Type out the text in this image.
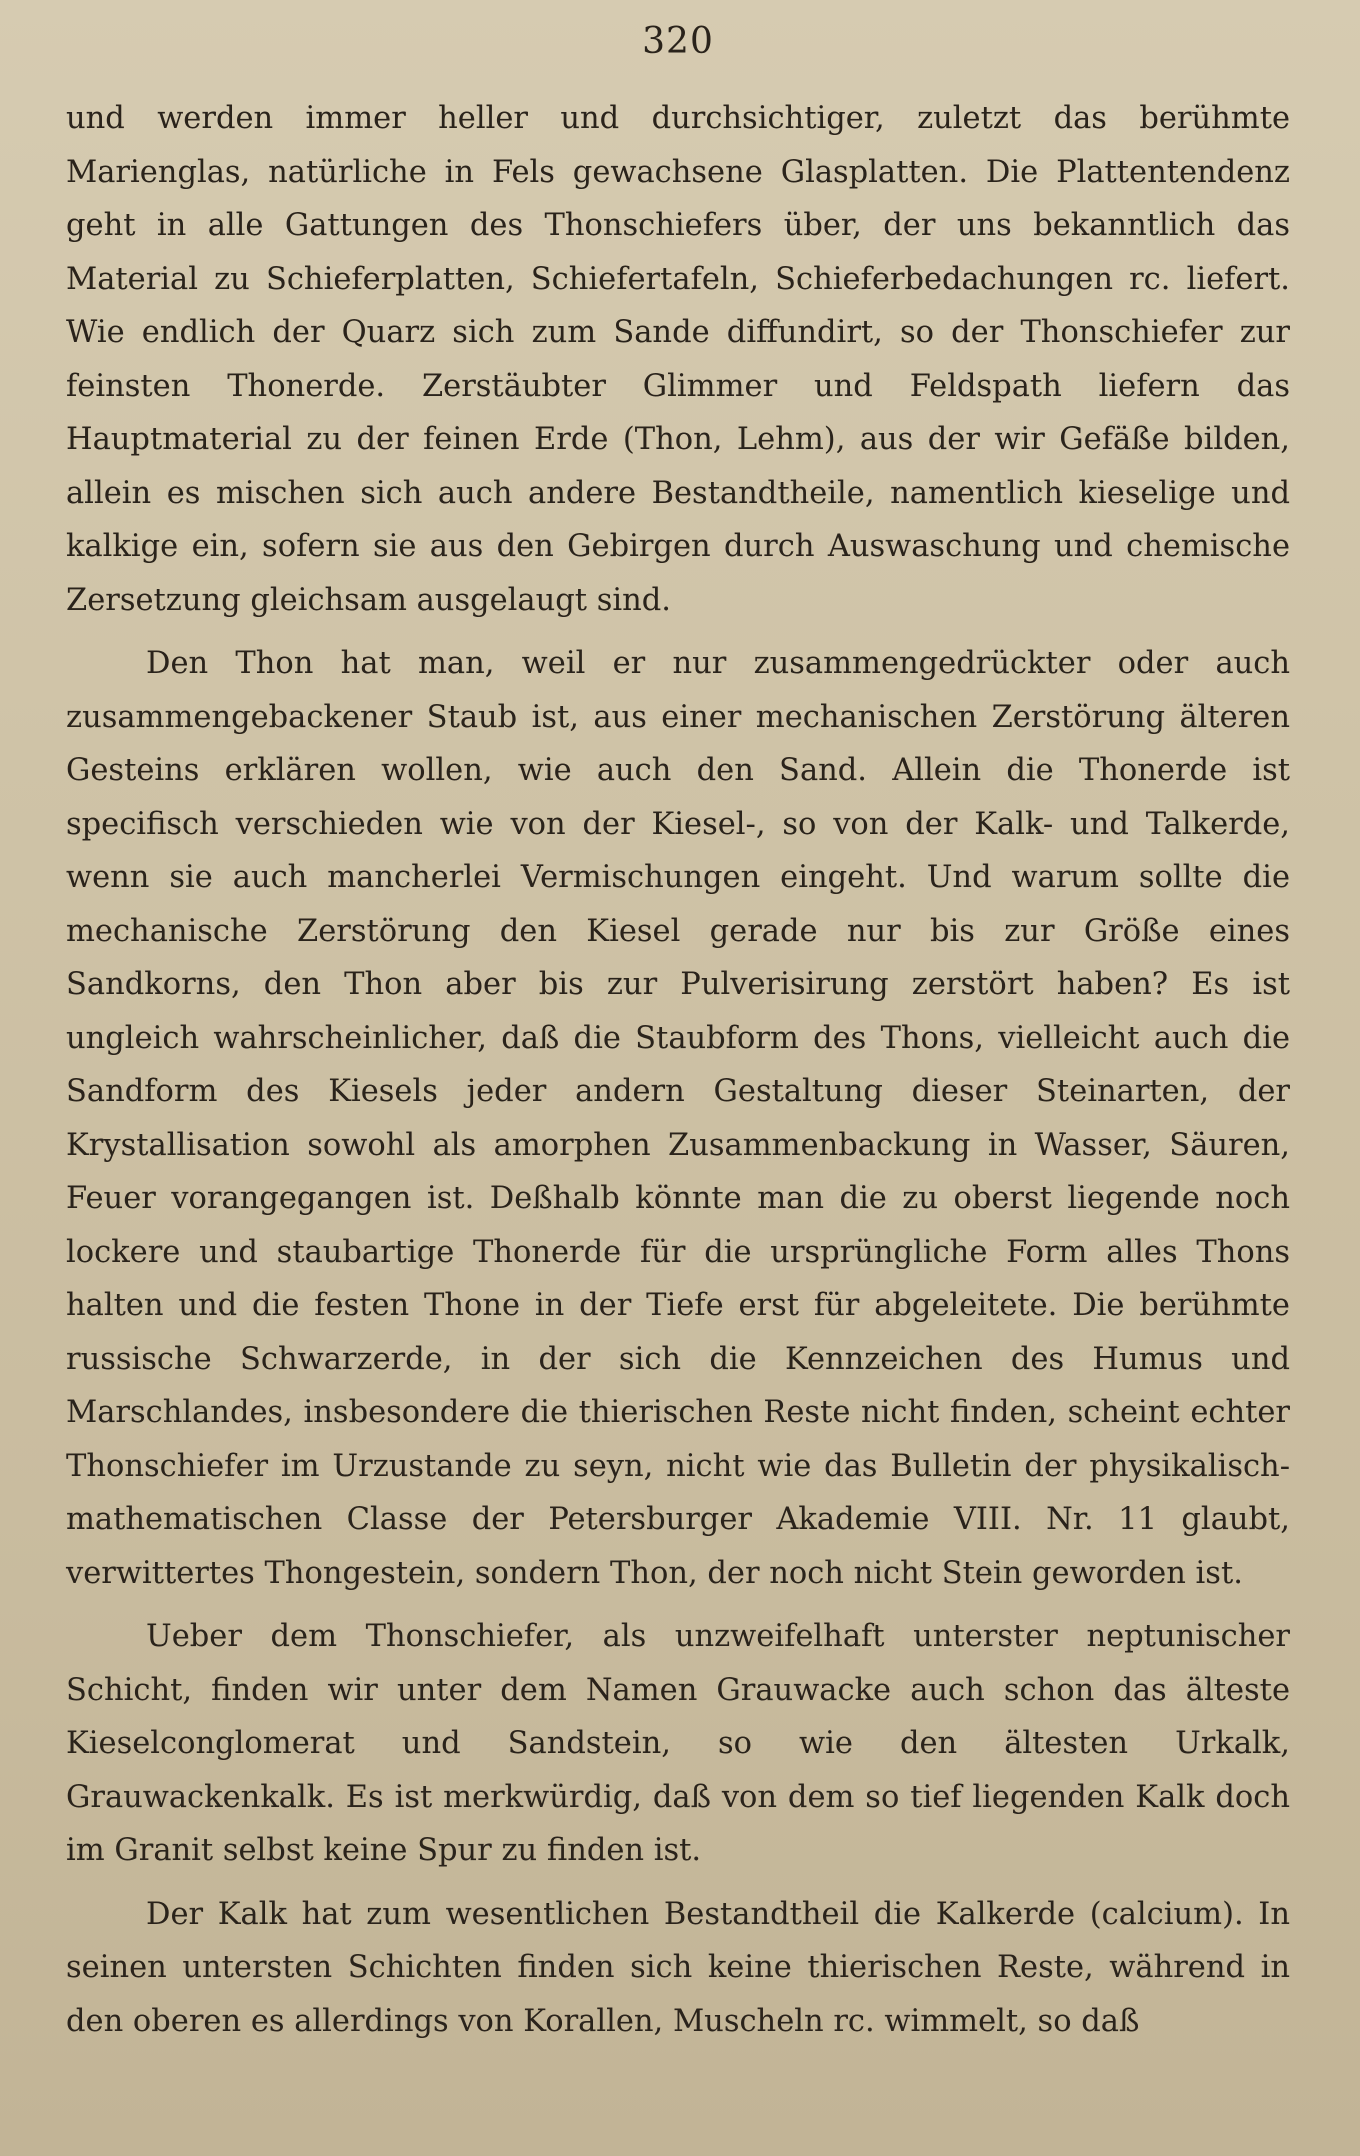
320

und werden immer heller und durchsichtiger, zuletzt das berühmte Marienglas, natürliche in Fels gewachsene Glasplatten. Die Plattentendenz geht in alle Gattungen des Thonschiefers über, der uns bekanntlich das Material zu Schieferplatten, Schiefertafeln, Schieferbedachungen rc. liefert. Wie endlich der Quarz sich zum Sande diffundirt, so der Thonschiefer zur feinsten Thonerde. Zerstäubter Glimmer und Feldspath liefern das Hauptmaterial zu der feinen Erde (Thon, Lehm), aus der wir Gefäße bilden, allein es mischen sich auch andere Bestandtheile, namentlich kieselige und kalkige ein, sofern sie aus den Gebirgen durch Auswaschung und chemische Zersetzung gleichsam ausgelaugt sind.

Den Thon hat man, weil er nur zusammengedrückter oder auch zusammengebackener Staub ist, aus einer mechanischen Zerstörung älteren Gesteins erklären wollen, wie auch den Sand. Allein die Thonerde ist specifisch verschieden wie von der Kiesel-, so von der Kalk- und Talkerde, wenn sie auch mancherlei Vermischungen eingeht. Und warum sollte die mechanische Zerstörung den Kiesel gerade nur bis zur Größe eines Sandkorns, den Thon aber bis zur Pulverisirung zerstört haben? Es ist ungleich wahrscheinlicher, daß die Staubform des Thons, vielleicht auch die Sandform des Kiesels jeder andern Gestaltung dieser Steinarten, der Krystallisation sowohl als amorphen Zusammenbackung in Wasser, Säuren, Feuer vorangegangen ist. Deßhalb könnte man die zu oberst liegende noch lockere und staubartige Thonerde für die ursprüngliche Form alles Thons halten und die festen Thone in der Tiefe erst für abgeleitete. Die berühmte russische Schwarzerde, in der sich die Kennzeichen des Humus und Marschlandes, insbesondere die thierischen Reste nicht finden, scheint echter Thonschiefer im Urzustande zu seyn, nicht wie das Bulletin der physikalisch-mathematischen Classe der Petersburger Akademie VIII. Nr. 11 glaubt, verwittertes Thongestein, sondern Thon, der noch nicht Stein geworden ist.

Ueber dem Thonschiefer, als unzweifelhaft unterster neptunischer Schicht, finden wir unter dem Namen Grauwacke auch schon das älteste Kieselconglomerat und Sandstein, so wie den ältesten Urkalk, Grauwackenkalk. Es ist merkwürdig, daß von dem so tief liegenden Kalk doch im Granit selbst keine Spur zu finden ist.

Der Kalk hat zum wesentlichen Bestandtheil die Kalkerde (calcium). In seinen untersten Schichten finden sich keine thierischen Reste, während in den oberen es allerdings von Korallen, Muscheln rc. wimmelt, so daß
